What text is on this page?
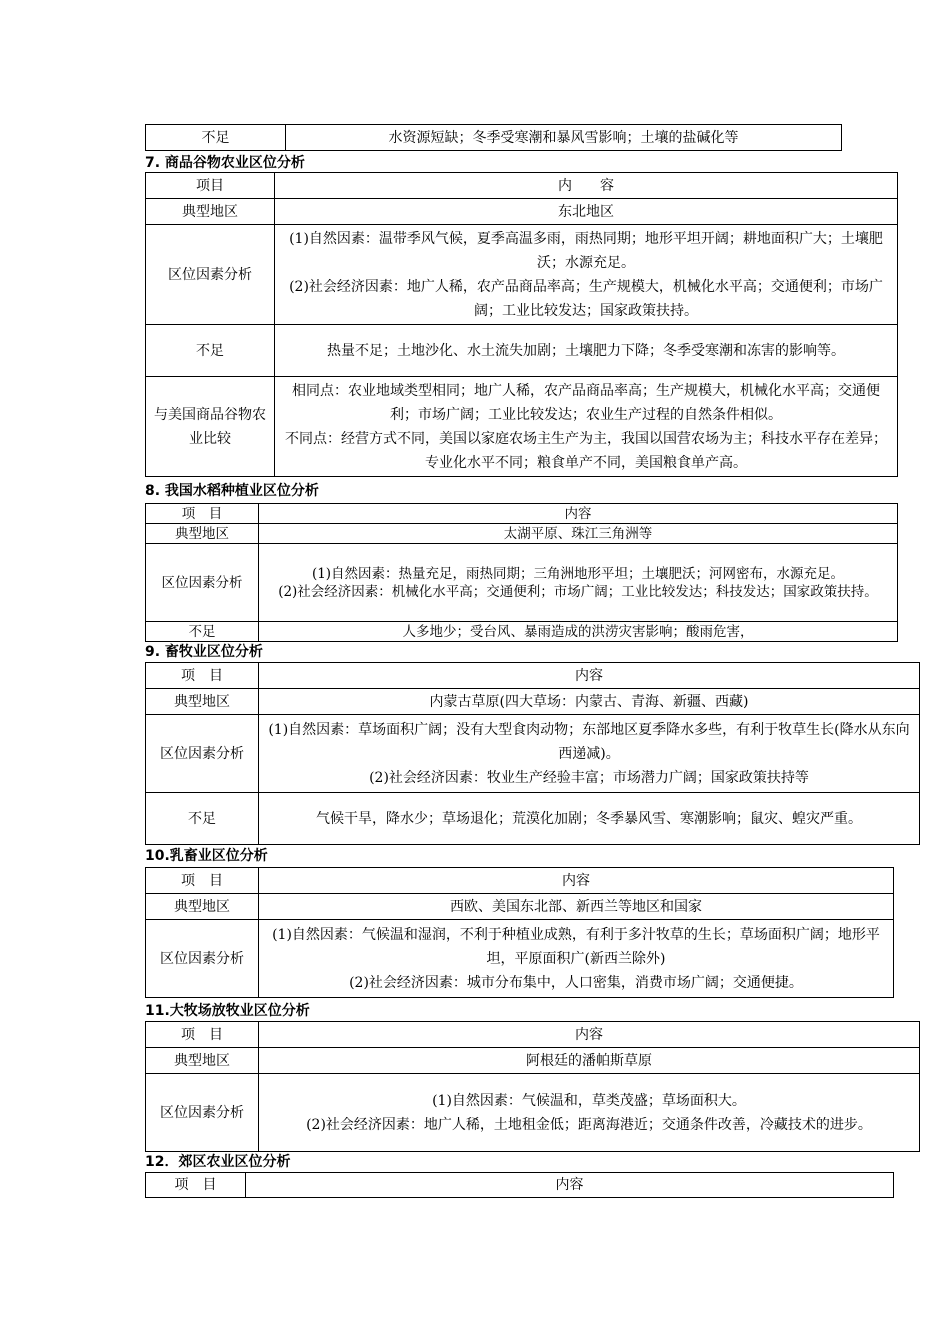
不足	水资源短缺；冬季受寒潮和暴风雪影响；土壤的盐碱化等
7. 商品谷物农业区位分析
项目	内　　容
典型地区	东北地区
区位因素分析	(1)自然因素：温带季风气候，夏季高温多雨，雨热同期；地形平坦开阔；耕地面积广大；土壤肥沃；水源充足。

(2)社会经济因素：地广人稀，农产品商品率高；生产规模大，机械化水平高；交通便利；市场广阔；工业比较发达；国家政策扶持。

不足	热量不足；土地沙化、水土流失加剧；土壤肥力下降；冬季受寒潮和冻害的影响等。
与美国商品谷物农业比较	相同点：农业地域类型相同；地广人稀，农产品商品率高；生产规模大，机械化水平高；交通便利；市场广阔；工业比较发达；农业生产过程的自然条件相似。

不同点：经营方式不同，美国以家庭农场主生产为主，我国以国营农场为主；科技水平存在差异；专业化水平不同；粮食单产不同，美国粮食单产高。

8. 我国水稻种植业区位分析
项　目	内容
典型地区	太湖平原、珠江三角洲等
区位因素分析	(1)自然因素：热量充足，雨热同期；三角洲地形平坦；土壤肥沃；河网密布，水源充足。

(2)社会经济因素：机械化水平高；交通便利；市场广阔；工业比较发达；科技发达；国家政策扶持。

不足	人多地少；受台风、暴雨造成的洪涝灾害影响；酸雨危害，
9. 畜牧业区位分析
项　目	内容
典型地区	内蒙古草原(四大草场：内蒙古、青海、新疆、西藏)
区位因素分析	(1)自然因素：草场面积广阔；没有大型食肉动物；东部地区夏季降水多些，有利于牧草生长(降水从东向西递减)。

(2)社会经济因素：牧业生产经验丰富；市场潜力广阔；国家政策扶持等

不足	气候干旱，降水少；草场退化；荒漠化加剧；冬季暴风雪、寒潮影响；鼠灾、蝗灾严重。
10.乳畜业区位分析
项　目	内容
典型地区	西欧、美国东北部、新西兰等地区和国家
区位因素分析	(1)自然因素：气候温和湿润，不利于种植业成熟，有利于多汁牧草的生长；草场面积广阔；地形平坦，平原面积广(新西兰除外)

(2)社会经济因素：城市分布集中，人口密集，消费市场广阔；交通便捷。

11.大牧场放牧业区位分析
项　目	内容
典型地区	阿根廷的潘帕斯草原
区位因素分析	(1)自然因素：气候温和，草类茂盛；草场面积大。

(2)社会经济因素：地广人稀，土地租金低；距离海港近；交通条件改善，冷藏技术的进步。

12．郊区农业区位分析
项　目	内容
